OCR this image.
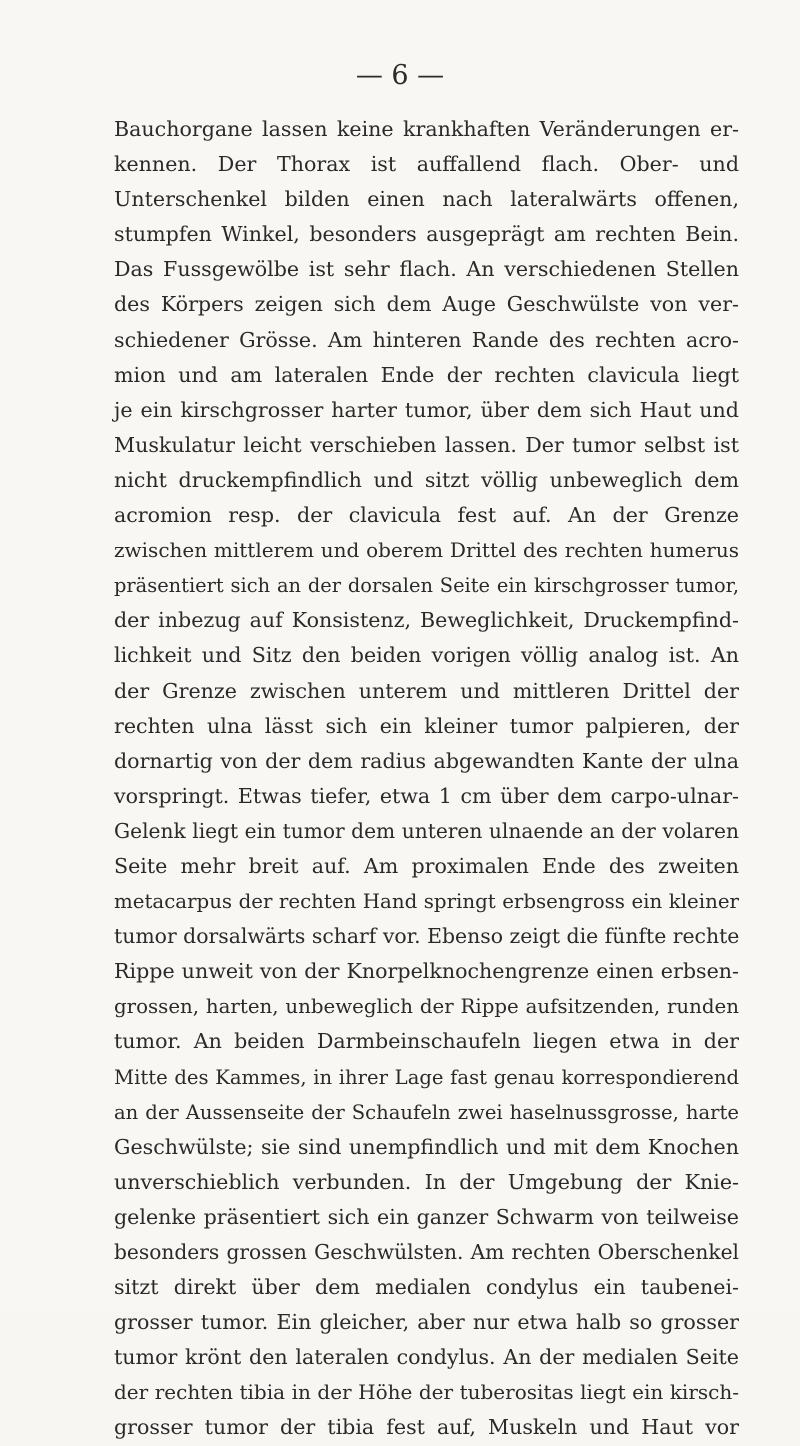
— 6 —
Bauchorgane lassen keine krankhaften Veränderungen er-
kennen. Der Thorax ist auffallend flach. Ober- und
Unterschenkel bilden einen nach lateralwärts offenen,
stumpfen Winkel, besonders ausgeprägt am rechten Bein.
Das Fussgewölbe ist sehr flach. An verschiedenen Stellen
des Körpers zeigen sich dem Auge Geschwülste von ver-
schiedener Grösse. Am hinteren Rande des rechten acro-
mion und am lateralen Ende der rechten clavicula liegt
je ein kirschgrosser harter tumor, über dem sich Haut und
Muskulatur leicht verschieben lassen. Der tumor selbst ist
nicht druckempfindlich und sitzt völlig unbeweglich dem
acromion resp. der clavicula fest auf. An der Grenze
zwischen mittlerem und oberem Drittel des rechten humerus
präsentiert sich an der dorsalen Seite ein kirschgrosser tumor,
der inbezug auf Konsistenz, Beweglichkeit, Druckempfind-
lichkeit und Sitz den beiden vorigen völlig analog ist. An
der Grenze zwischen unterem und mittleren Drittel der
rechten ulna lässt sich ein kleiner tumor palpieren, der
dornartig von der dem radius abgewandten Kante der ulna
vorspringt. Etwas tiefer, etwa 1 cm über dem carpo-ulnar-
Gelenk liegt ein tumor dem unteren ulnaende an der volaren
Seite mehr breit auf. Am proximalen Ende des zweiten
metacarpus der rechten Hand springt erbsengross ein kleiner
tumor dorsalwärts scharf vor. Ebenso zeigt die fünfte rechte
Rippe unweit von der Knorpelknochengrenze einen erbsen-
grossen, harten, unbeweglich der Rippe aufsitzenden, runden
tumor. An beiden Darmbeinschaufeln liegen etwa in der
Mitte des Kammes, in ihrer Lage fast genau korrespondierend
an der Aussenseite der Schaufeln zwei haselnussgrosse, harte
Geschwülste; sie sind unempfindlich und mit dem Knochen
unverschieblich verbunden. In der Umgebung der Knie-
gelenke präsentiert sich ein ganzer Schwarm von teilweise
besonders grossen Geschwülsten. Am rechten Oberschenkel
sitzt direkt über dem medialen condylus ein taubenei-
grosser tumor. Ein gleicher, aber nur etwa halb so grosser
tumor krönt den lateralen condylus. An der medialen Seite
der rechten tibia in der Höhe der tuberositas liegt ein kirsch-
grosser tumor der tibia fest auf, Muskeln und Haut vor
